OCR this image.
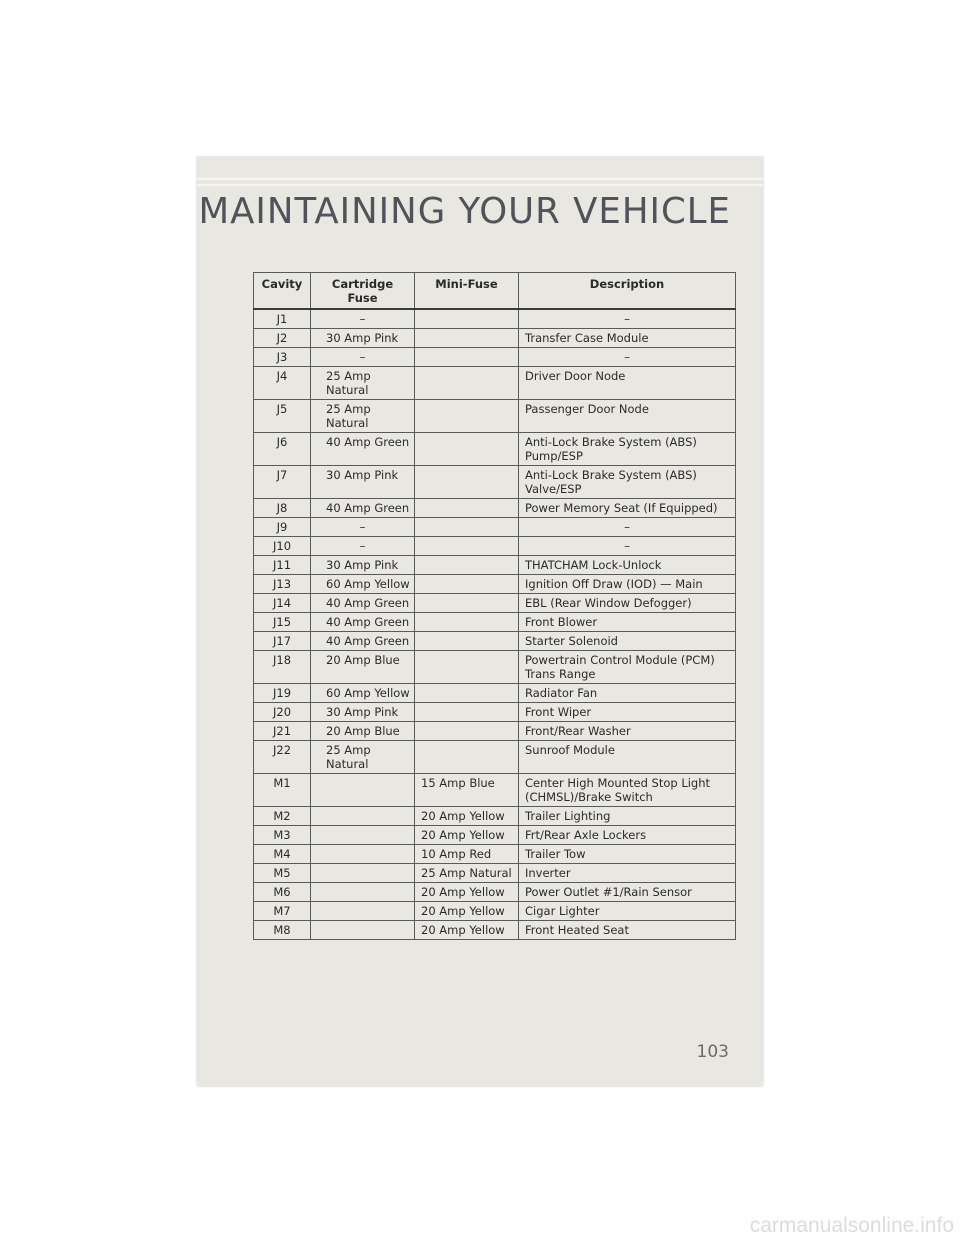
MAINTAINING YOUR VEHICLE
Cavity	Cartridge Fuse	Mini-Fuse	Description
J1	–		–
J2	30 Amp Pink		Transfer Case Module
J3	–		–
J4	25 Amp Natural		Driver Door Node
J5	25 Amp Natural		Passenger Door Node
J6	40 Amp Green		Anti-Lock Brake System (ABS) Pump/ESP
J7	30 Amp Pink		Anti-Lock Brake System (ABS) Valve/ESP
J8	40 Amp Green		Power Memory Seat (If Equipped)
J9	–		–
J10	–		–
J11	30 Amp Pink		THATCHAM Lock-Unlock
J13	60 Amp Yellow		Ignition Off Draw (IOD) — Main
J14	40 Amp Green		EBL (Rear Window Defogger)
J15	40 Amp Green		Front Blower
J17	40 Amp Green		Starter Solenoid
J18	20 Amp Blue		Powertrain Control Module (PCM) Trans Range
J19	60 Amp Yellow		Radiator Fan
J20	30 Amp Pink		Front Wiper
J21	20 Amp Blue		Front/Rear Washer
J22	25 Amp Natural		Sunroof Module
M1		15 Amp Blue	Center High Mounted Stop Light (CHMSL)/Brake Switch
M2		20 Amp Yellow	Trailer Lighting
M3		20 Amp Yellow	Frt/Rear Axle Lockers
M4		10 Amp Red	Trailer Tow
M5		25 Amp Natural	Inverter
M6		20 Amp Yellow	Power Outlet #1/Rain Sensor
M7		20 Amp Yellow	Cigar Lighter
M8		20 Amp Yellow	Front Heated Seat
103
carmanualsonline.info
